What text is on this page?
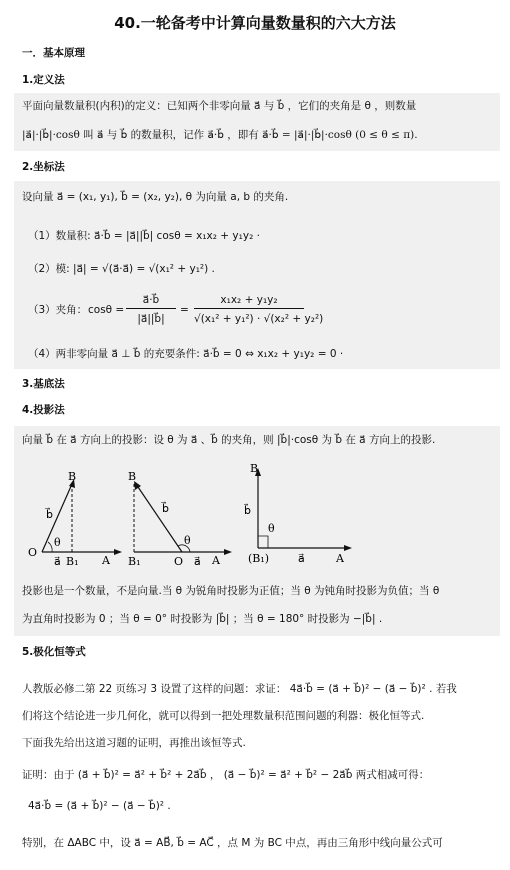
40.一轮备考中计算向量数量积的六大方法
一．基本原理
1.定义法
平面向量数量积(内积)的定义：已知两个非零向量 a⃗ 与 b⃗ ，它们的夹角是 θ ，则数量
|a⃗|·|b⃗|·cosθ 叫 a⃗ 与 b⃗ 的数量积，记作 a⃗·b⃗ ，即有 a⃗·b⃗ = |a⃗|·|b⃗|·cosθ (0 ≤ θ ≤ π).
2.坐标法
设向量 a⃗ = (x₁, y₁), b⃗ = (x₂, y₂), θ 为向量 a, b 的夹角.
（1）数量积: a⃗·b⃗ = |a⃗||b⃗| cosθ = x₁x₂ + y₁y₂ ·
（2）模: |a⃗| = √(a⃗·a⃗) = √(x₁² + y₁²) .
（3）夹角： cosθ =
a⃗·b⃗
|a⃗||b⃗|
=
x₁x₂ + y₁y₂
√(x₁² + y₁²) · √(x₂² + y₂²)
（4）两非零向量 a⃗ ⊥ b⃗ 的充要条件: a⃗·b⃗ = 0 ⇔ x₁x₂ + y₁y₂ = 0 ·
3.基底法
4.投影法
向量 b⃗ 在 a⃗ 方向上的投影：设 θ 为 a⃗ 、b⃗ 的夹角，则 |b⃗|·cosθ 为 b⃗ 在 a⃗ 方向上的投影.
B
O
A
B₁
θ
b⃗
a⃗
B
O	A
B₁
θ
b⃗
a⃗
B
(B₁)	A
θ
b⃗
a⃗
投影也是一个数量，不是向量.当 θ 为锐角时投影为正值；当 θ 为钝角时投影为负值；当 θ
为直角时投影为 0 ；当 θ = 0° 时投影为 |b⃗| ；当 θ = 180° 时投影为 −|b⃗| .
5.极化恒等式
人教版必修二第 22 页练习 3 设置了这样的问题：求证： 4a⃗·b⃗ = (a⃗ + b⃗)² − (a⃗ − b⃗)² . 若我
们将这个结论进一步几何化，就可以得到一把处理数量积范围问题的利器：极化恒等式.
下面我先给出这道习题的证明，再推出该恒等式.
证明：由于 (a⃗ + b⃗)² = a⃗² + b⃗² + 2a⃗b⃗ ， (a⃗ − b⃗)² = a⃗² + b⃗² − 2a⃗b⃗ 两式相减可得：
4a⃗·b⃗ = (a⃗ + b⃗)² − (a⃗ − b⃗)² .
特别，在 ΔABC 中，设 a⃗ = AB⃗, b⃗ = AC⃗ ，点 M 为 BC 中点，再由三角形中线向量公式可
